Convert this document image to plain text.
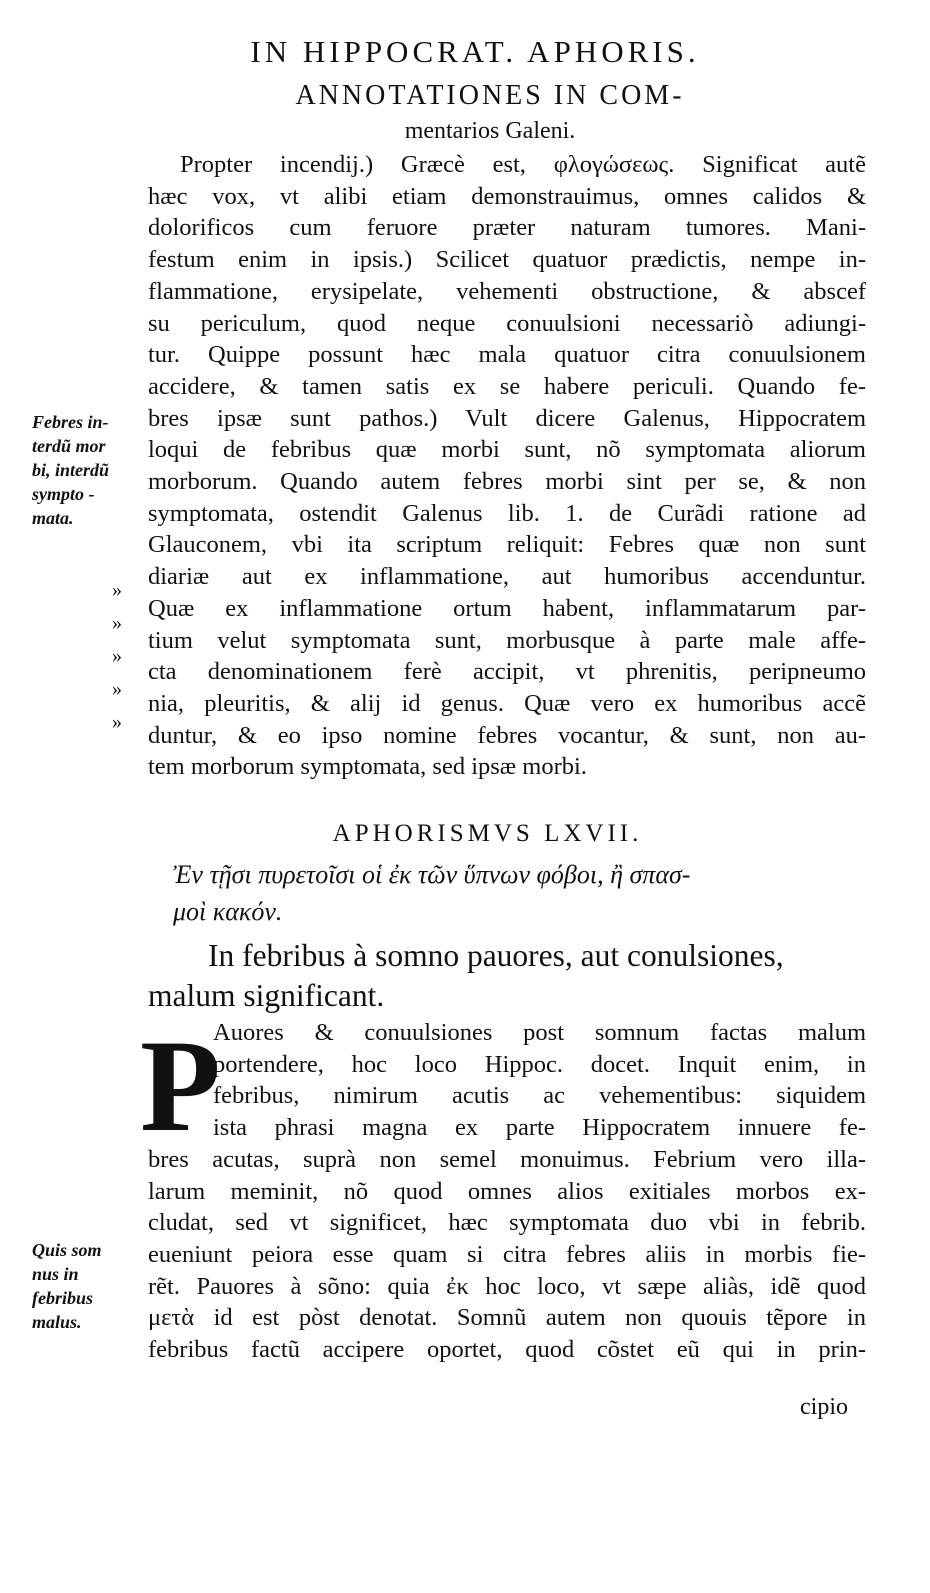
IN HIPPOCRAT. APHORIS.
ANNOTATIONES IN COM-
mentarios Galeni.
Propter incendij.) Græcè est, φλογώσεως. Significat autẽ
hæc vox, vt alibi etiam demonstrauimus, omnes calidos &
dolorificos cum feruore præter naturam tumores. Mani-
festum enim in ipsis.) Scilicet quatuor prædictis, nempe in-
flammatione, erysipelate, vehementi obstructione, & abscef
su periculum, quod neque conuulsioni necessariò adiungi-
tur. Quippe possunt hæc mala quatuor citra conuulsionem
accidere, & tamen satis ex se habere periculi. Quando fe-
bres ipsæ sunt pathos.) Vult dicere Galenus, Hippocratem
loqui de febribus quæ morbi sunt, nõ symptomata aliorum
morborum. Quando autem febres morbi sint per se, & non
symptomata, ostendit Galenus lib. 1. de Curãdi ratione ad
Glauconem, vbi ita scriptum reliquit: Febres quæ non sunt
diariæ aut ex inflammatione, aut humoribus accenduntur.
Quæ ex inflammatione ortum habent, inflammatarum par-
tium velut symptomata sunt, morbusque à parte male affe-
cta denominationem ferè accipit, vt phrenitis, peripneumo
nia, pleuritis, & alij id genus. Quæ vero ex humoribus accẽ
duntur, & eo ipso nomine febres vocantur, & sunt, non au-
tem morborum symptomata, sed ipsæ morbi.
Febres in-
terdũ mor
bi, interdũ
sympto -
mata.
»
»
»
»
»
APHORISMVS LXVII.
Ἐν τῇσι πυρετοῖσι οἱ ἐκ τῶν ὕπνων φόβοι, ἢ σπασ-
μοὶ κακόν.
In febribus à somno pauores, aut conulsiones,
malum significant.
P
Auores & conuulsiones post somnum factas malum
portendere, hoc loco Hippoc. docet. Inquit enim, in
febribus, nimirum acutis ac vehementibus: siquidem
ista phrasi magna ex parte Hippocratem innuere fe-
bres acutas, suprà non semel monuimus. Febrium vero illa-
larum meminit, nõ quod omnes alios exitiales morbos ex-
cludat, sed vt significet, hæc symptomata duo vbi in febrib.
eueniunt peiora esse quam si citra febres aliis in morbis fie-
rẽt. Pauores à sõno: quia ἐκ hoc loco, vt sæpe aliàs, idẽ quod
μετὰ id est pòst denotat. Somnũ autem non quouis tẽpore in
febribus factũ accipere oportet, quod cõstet eũ qui in prin-
Quis som
nus in
febribus
malus.
cipio
